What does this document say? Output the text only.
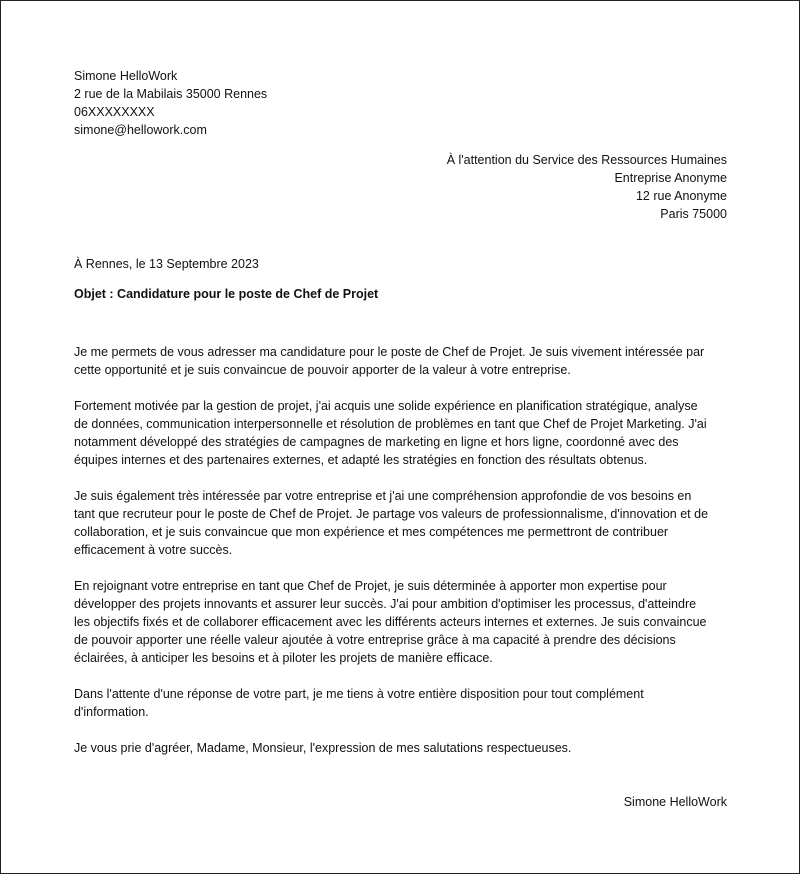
Simone HelloWork
2 rue de la Mabilais 35000 Rennes
06XXXXXXXX
simone@hellowork.com
À l'attention du Service des Ressources Humaines
Entreprise Anonyme
12 rue Anonyme
Paris 75000
À Rennes, le 13 Septembre 2023
Objet : Candidature pour le poste de Chef de Projet
Je me permets de vous adresser ma candidature pour le poste de Chef de Projet. Je suis vivement intéressée par
cette opportunité et je suis convaincue de pouvoir apporter de la valeur à votre entreprise.
Fortement motivée par la gestion de projet, j'ai acquis une solide expérience en planification stratégique, analyse
de données, communication interpersonnelle et résolution de problèmes en tant que Chef de Projet Marketing. J'ai
notamment développé des stratégies de campagnes de marketing en ligne et hors ligne, coordonné avec des
équipes internes et des partenaires externes, et adapté les stratégies en fonction des résultats obtenus.
Je suis également très intéressée par votre entreprise et j'ai une compréhension approfondie de vos besoins en
tant que recruteur pour le poste de Chef de Projet. Je partage vos valeurs de professionnalisme, d'innovation et de
collaboration, et je suis convaincue que mon expérience et mes compétences me permettront de contribuer
efficacement à votre succès.
En rejoignant votre entreprise en tant que Chef de Projet, je suis déterminée à apporter mon expertise pour
développer des projets innovants et assurer leur succès. J'ai pour ambition d'optimiser les processus, d'atteindre
les objectifs fixés et de collaborer efficacement avec les différents acteurs internes et externes. Je suis convaincue
de pouvoir apporter une réelle valeur ajoutée à votre entreprise grâce à ma capacité à prendre des décisions
éclairées, à anticiper les besoins et à piloter les projets de manière efficace.
Dans l'attente d'une réponse de votre part, je me tiens à votre entière disposition pour tout complément
d'information.
Je vous prie d'agréer, Madame, Monsieur, l'expression de mes salutations respectueuses.
Simone HelloWork
